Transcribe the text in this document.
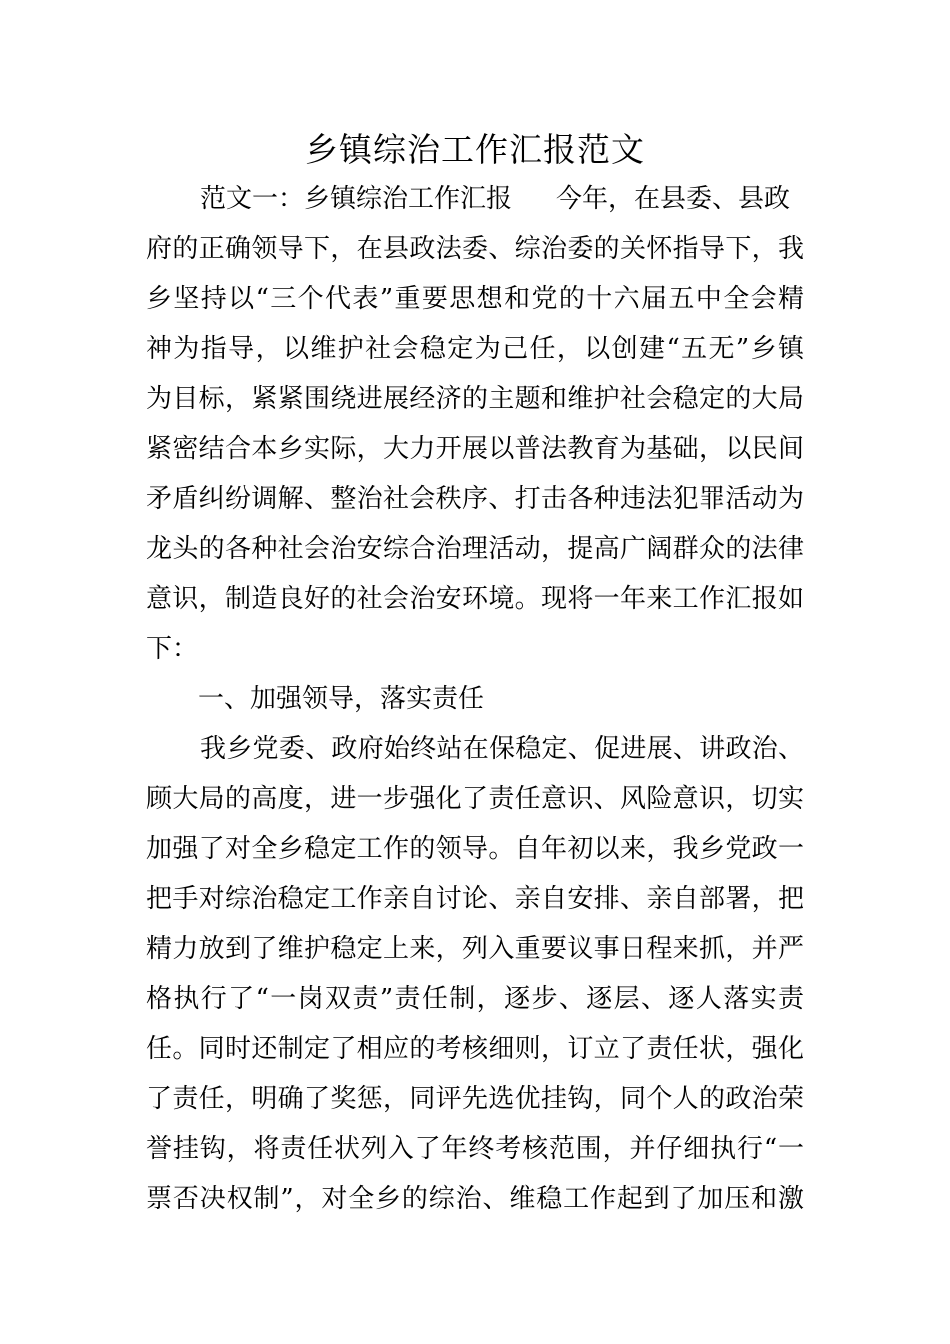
乡镇综治工作汇报范文

范文一：乡镇综治工作汇报 今年，在县委、县政

府的正确领导下，在县政法委、综治委的关怀指导下，我

乡坚持以“三个代表”重要思想和党的十六届五中全会精

神为指导，以维护社会稳定为己任，以创建“五无”乡镇

为目标，紧紧围绕进展经济的主题和维护社会稳定的大局

紧密结合本乡实际，大力开展以普法教育为基础，以民间

矛盾纠纷调解、整治社会秩序、打击各种违法犯罪活动为

龙头的各种社会治安综合治理活动，提高广阔群众的法律

意识，制造良好的社会治安环境。现将一年来工作汇报如

下：

一、加强领导，落实责任

我乡党委、政府始终站在保稳定、促进展、讲政治、

顾大局的高度，进一步强化了责任意识、风险意识，切实

加强了对全乡稳定工作的领导。自年初以来，我乡党政一

把手对综治稳定工作亲自讨论、亲自安排、亲自部署，把

精力放到了维护稳定上来，列入重要议事日程来抓，并严

格执行了“一岗双责”责任制，逐步、逐层、逐人落实责

任。同时还制定了相应的考核细则，订立了责任状，强化

了责任，明确了奖惩，同评先选优挂钩，同个人的政治荣

誉挂钩，将责任状列入了年终考核范围，并仔细执行“一

票否决权制”，对全乡的综治、维稳工作起到了加压和激
